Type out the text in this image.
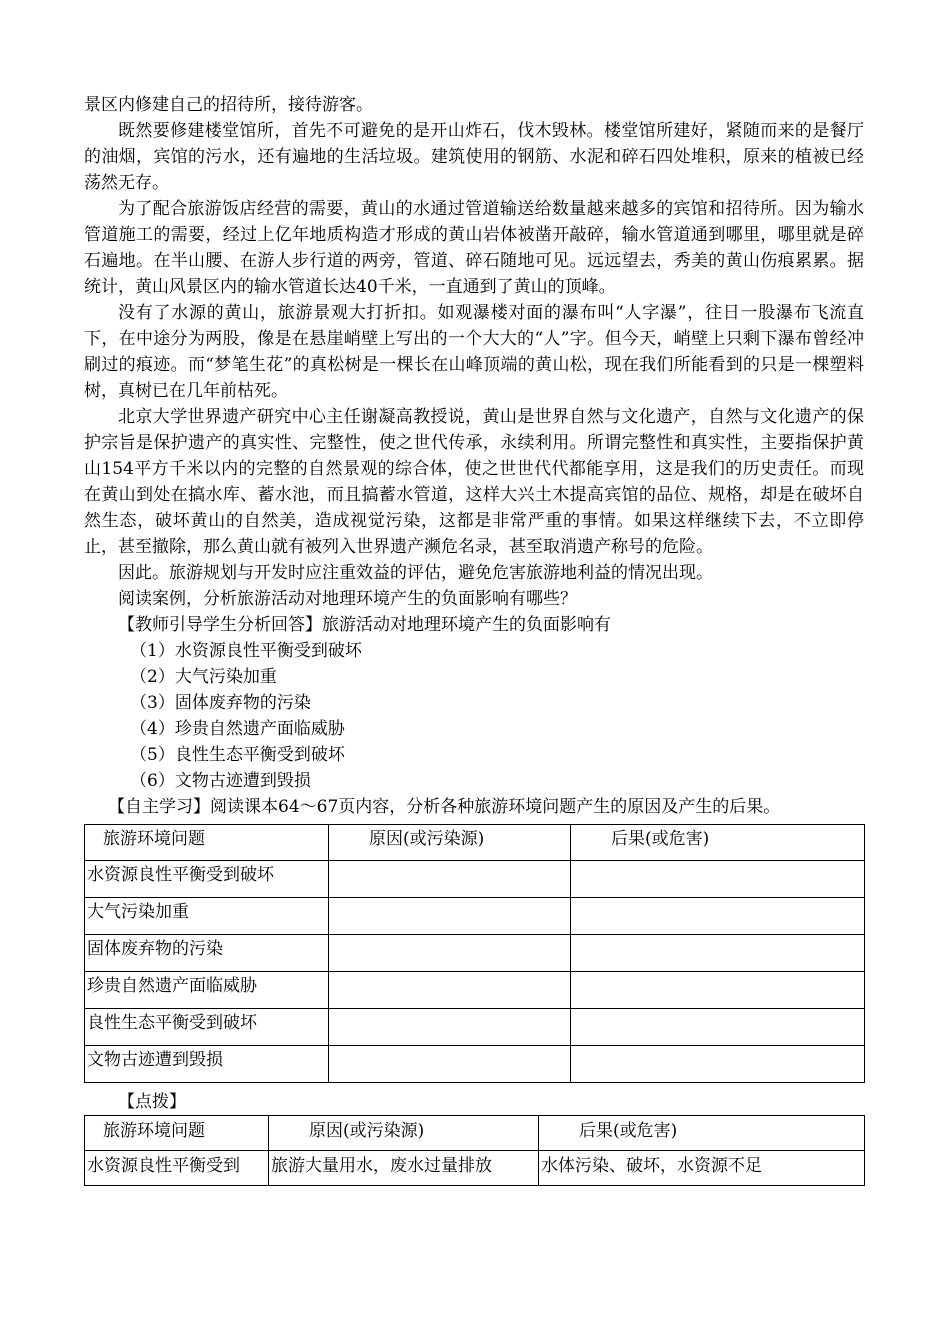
景区内修建自己的招待所，接待游客。

既然要修建楼堂馆所，首先不可避免的是开山炸石，伐木毁林。楼堂馆所建好，紧随而来的是餐厅的油烟，宾馆的污水，还有遍地的生活垃圾。建筑使用的钢筋、水泥和碎石四处堆积，原来的植被已经荡然无存。

为了配合旅游饭店经营的需要，黄山的水通过管道输送给数量越来越多的宾馆和招待所。因为输水管道施工的需要，经过上亿年地质构造才形成的黄山岩体被凿开敲碎，输水管道通到哪里，哪里就是碎石遍地。在半山腰、在游人步行道的两旁，管道、碎石随地可见。远远望去，秀美的黄山伤痕累累。据统计，黄山风景区内的输水管道长达40千米，一直通到了黄山的顶峰。

没有了水源的黄山，旅游景观大打折扣。如观瀑楼对面的瀑布叫“人字瀑”，往日一股瀑布飞流直下，在中途分为两股，像是在悬崖峭壁上写出的一个大大的“人”字。但今天，峭壁上只剩下瀑布曾经冲刷过的痕迹。而“梦笔生花”的真松树是一棵长在山峰顶端的黄山松，现在我们所能看到的只是一棵塑料树，真树已在几年前枯死。

北京大学世界遗产研究中心主任谢凝高教授说，黄山是世界自然与文化遗产，自然与文化遗产的保护宗旨是保护遗产的真实性、完整性，使之世代传承，永续利用。所谓完整性和真实性，主要指保护黄山154平方千米以内的完整的自然景观的综合体，使之世世代代都能享用，这是我们的历史责任。而现在黄山到处在搞水库、蓄水池，而且搞蓄水管道，这样大兴土木提高宾馆的品位、规格，却是在破坏自然生态，破坏黄山的自然美，造成视觉污染，这都是非常严重的事情。如果这样继续下去，不立即停止，甚至撤除，那么黄山就有被列入世界遗产濒危名录，甚至取消遗产称号的危险。

因此。旅游规划与开发时应注重效益的评估，避免危害旅游地利益的情况出现。

阅读案例，分析旅游活动对地理环境产生的负面影响有哪些？

【教师引导学生分析回答】旅游活动对地理环境产生的负面影响有

（1）水资源良性平衡受到破坏

（2）大气污染加重

（3）固体废弃物的污染

（4）珍贵自然遗产面临威胁

（5）良性生态平衡受到破坏

（6）文物古迹遭到毁损

【自主学习】阅读课本64～67页内容，分析各种旅游环境问题产生的原因及产生的后果。

旅游环境问题	原因(或污染源)	后果(或危害)
水资源良性平衡受到破坏		
大气污染加重		
固体废弃物的污染		
珍贵自然遗产面临威胁		
良性生态平衡受到破坏		
文物古迹遭到毁损		

【点拨】

旅游环境问题	原因(或污染源)	后果(或危害)
水资源良性平衡受到	旅游大量用水，废水过量排放	水体污染、破坏，水资源不足
